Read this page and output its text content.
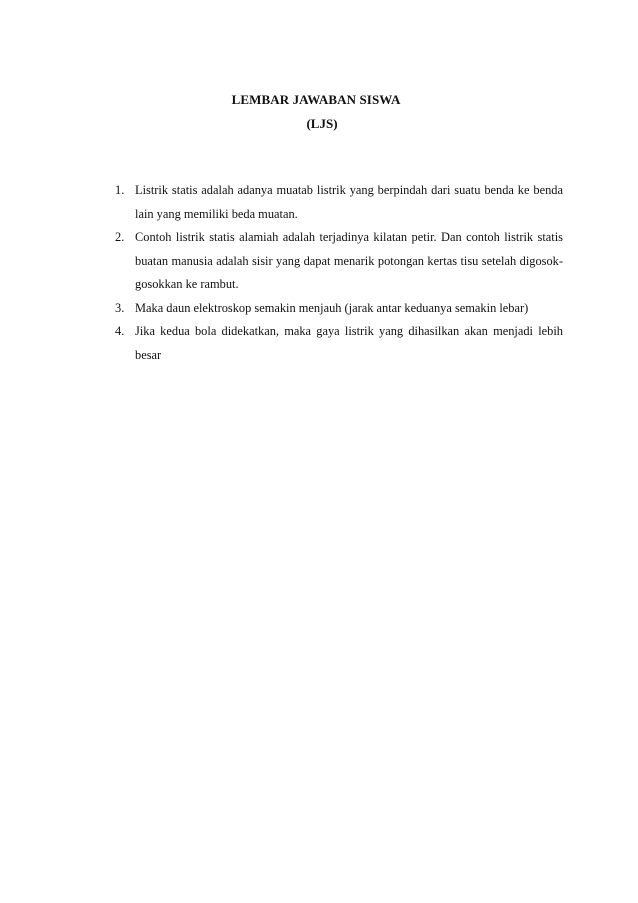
LEMBAR JAWABAN SISWA
(LJS)
1. Listrik statis adalah adanya muatab listrik yang berpindah dari suatu benda ke benda lain yang memiliki beda muatan.
2. Contoh listrik statis alamiah adalah terjadinya kilatan petir. Dan contoh listrik statis buatan manusia adalah sisir yang dapat menarik potongan kertas tisu setelah digosok-gosokkan ke rambut.
3. Maka daun elektroskop semakin menjauh (jarak antar keduanya semakin lebar)
4. Jika kedua bola didekatkan, maka gaya listrik yang dihasilkan akan menjadi lebih besar
